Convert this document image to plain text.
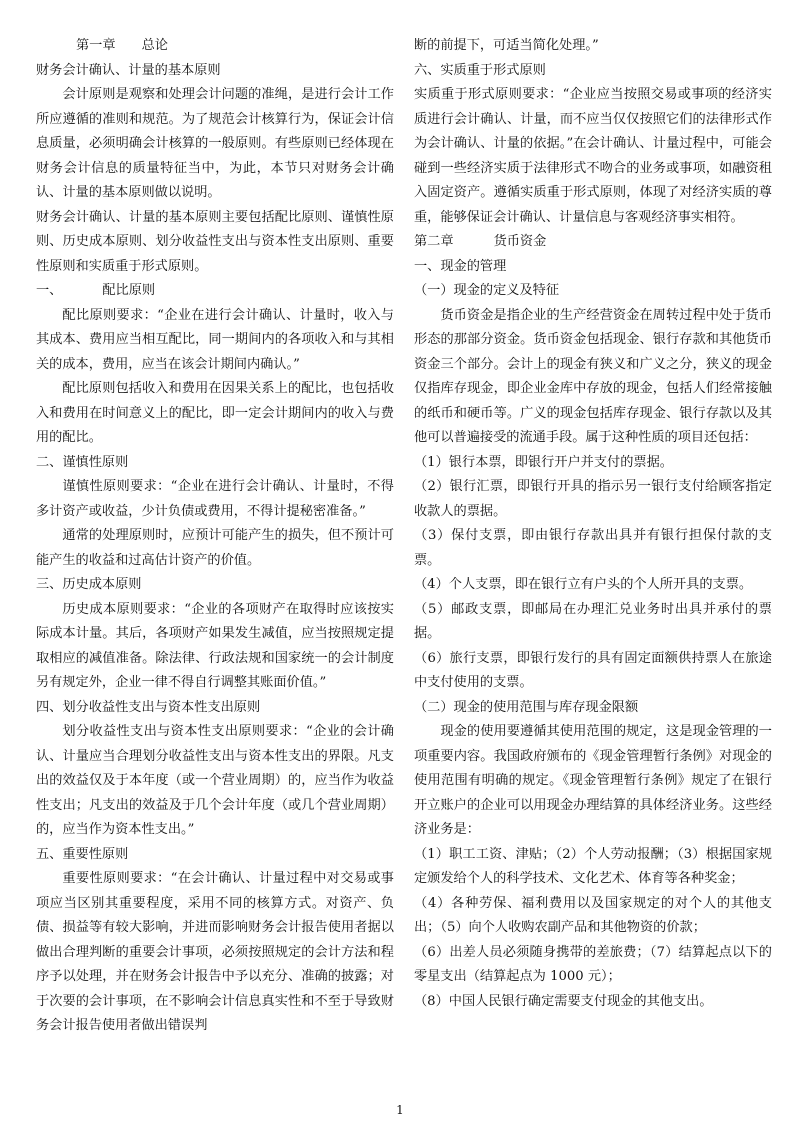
第一章 总论

财务会计确认、计量的基本原则

会计原则是观察和处理会计问题的准绳，是进行会计工作所应遵循的准则和规范。为了规范会计核算行为，保证会计信息质量，必须明确会计核算的一般原则。有些原则已经体现在财务会计信息的质量特征当中，为此，本节只对财务会计确认、计量的基本原则做以说明。

财务会计确认、计量的基本原则主要包括配比原则、谨慎性原则、历史成本原则、划分收益性支出与资本性支出原则、重要性原则和实质重于形式原则。

一、	配比原则

配比原则要求：“企业在进行会计确认、计量时，收入与其成本、费用应当相互配比，同一期间内的各项收入和与其相关的成本，费用，应当在该会计期间内确认。”

配比原则包括收入和费用在因果关系上的配比，也包括收入和费用在时间意义上的配比，即一定会计期间内的收入与费用的配比。

二、谨慎性原则

谨慎性原则要求：“企业在进行会计确认、计量时，不得多计资产或收益，少计负债或费用，不得计提秘密准备。”

通常的处理原则时，应预计可能产生的损失，但不预计可能产生的收益和过高估计资产的价值。

三、历史成本原则

历史成本原则要求：“企业的各项财产在取得时应该按实际成本计量。其后，各项财产如果发生减值，应当按照规定提取相应的减值准备。除法律、行政法规和国家统一的会计制度另有规定外，企业一律不得自行调整其账面价值。”

四、划分收益性支出与资本性支出原则

划分收益性支出与资本性支出原则要求：“企业的会计确认、计量应当合理划分收益性支出与资本性支出的界限。凡支出的效益仅及于本年度（或一个营业周期）的，应当作为收益性支出；凡支出的效益及于几个会计年度（或几个营业周期）的，应当作为资本性支出。”

五、重要性原则

重要性原则要求：“在会计确认、计量过程中对交易或事项应当区别其重要程度，采用不同的核算方式。对资产、负债、损益等有较大影响，并进而影响财务会计报告使用者据以做出合理判断的重要会计事项，必须按照规定的会计方法和程序予以处理，并在财务会计报告中予以充分、准确的披露；对于次要的会计事项，在不影响会计信息真实性和不至于导致财务会计报告使用者做出错误判

断的前提下，可适当简化处理。”

六、实质重于形式原则

实质重于形式原则要求：“企业应当按照交易或事项的经济实质进行会计确认、计量，而不应当仅仅按照它们的法律形式作为会计确认、计量的依据。”在会计确认、计量过程中，可能会碰到一些经济实质于法律形式不吻合的业务或事项，如融资租入固定资产。遵循实质重于形式原则，体现了对经济实质的尊重，能够保证会计确认、计量信息与客观经济事实相符。

第二章	货币资金

一、现金的管理

（一）现金的定义及特征

货币资金是指企业的生产经营资金在周转过程中处于货币形态的那部分资金。货币资金包括现金、银行存款和其他货币资金三个部分。会计上的现金有狭义和广义之分，狭义的现金仅指库存现金，即企业金库中存放的现金，包括人们经常接触的纸币和硬币等。广义的现金包括库存现金、银行存款以及其他可以普遍接受的流通手段。属于这种性质的项目还包括：

（1）银行本票，即银行开户并支付的票据。

（2）银行汇票，即银行开具的指示另一银行支付给顾客指定收款人的票据。

（3）保付支票，即由银行存款出具并有银行担保付款的支票。

（4）个人支票，即在银行立有户头的个人所开具的支票。

（5）邮政支票，即邮局在办理汇兑业务时出具并承付的票据。

（6）旅行支票，即银行发行的具有固定面额供持票人在旅途中支付使用的支票。

（二）现金的使用范围与库存现金限额

现金的使用要遵循其使用范围的规定，这是现金管理的一项重要内容。我国政府颁布的《现金管理暂行条例》对现金的使用范围有明确的规定。《现金管理暂行条例》规定了在银行开立账户的企业可以用现金办理结算的具体经济业务。这些经济业务是：

（1）职工工资、津贴；（2）个人劳动报酬；（3）根据国家规定颁发给个人的科学技术、文化艺术、体育等各种奖金；

（4）各种劳保、福利费用以及国家规定的对个人的其他支出；（5）向个人收购农副产品和其他物资的价款；

（6）出差人员必须随身携带的差旅费；（7）结算起点以下的零星支出（结算起点为 1000 元）；

（8）中国人民银行确定需要支付现金的其他支出。

1
